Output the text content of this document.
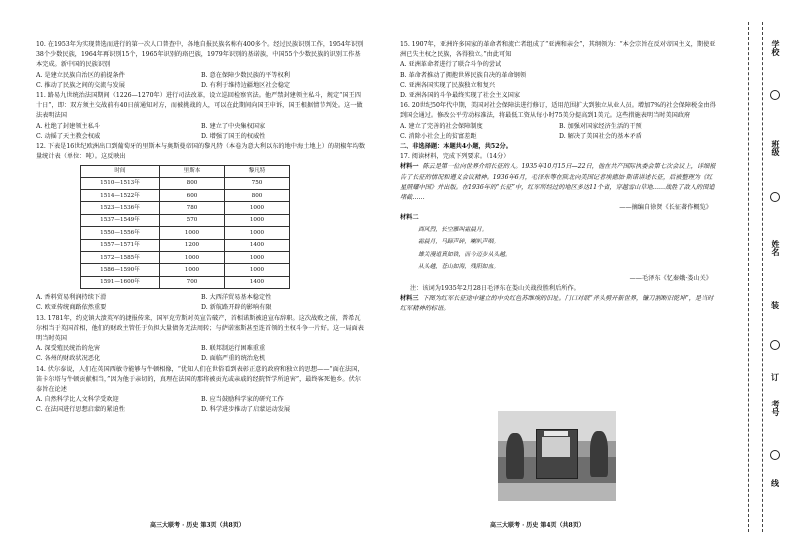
10. 在1953年为实现普选而进行的第一次人口普查中，各地自报民族名称有400多个。经过民族识别工作，1954年识别38个少数民族，1964年再识别15个，1965年识别的珞巴族，1979年识别的基诺族，中国55个少数民族的识别工作基本完成。新中国的民族识别

A. 是建立民族自治区的前提条件	B. 意在保障少数民族的平等权利
C. 推动了民族之间的交流与发展	D. 有利于维持边疆地区社会稳定

11. 路易九世统治法国期间（1226—1270年）进行司法改革，设立巡回检察官法。他严禁封建领主私斗，规定“国王四十日”，即：双方须主交战前有40日前通知对方，而被挑战的人，可以在此期间向国王申诉，国王根据情节判处。这一做法表明法国

A. 杜绝了封建领主私斗	B. 建立了中央集权国家
C. 动摇了天主教会权威	D. 增强了国王的权威性

12. 下表是16世纪欧洲出口到葡萄牙的里斯本与奥斯曼帝国的黎凡特（本卷为意大利以东的地中海土地上）的胡椒年均数量统计表（单位：吨）。这反映出

时间	里斯本	黎凡特
1510—1513年	800	750
1514—1522年	600	800
1523—1536年	780	1000
1537—1549年	570	1000
1550—1556年	1000	1000
1557—1571年	1200	1400
1572—1585年	1000	1000
1586—1590年	1000	1000
1591—1600年	700	1400
A. 香料贸易利润持续下滑	B. 大西洋贸易基本稳定性
C. 欧亚传统商路依然重要	D. 新航路开辟的影响有限

13. 1781年，约克镇大溃英军的捷报传来，国军克劳斯对英宣告破产，首相诺斯被迫宣布辞职。这次战败之前，普希瓦尔相当于英国首相，他们的财政主管任于负担大量债务无法周转；与萨诺塞斯甚至连首领的主权斗争一片好。这一局面表明当时英国

A. 深受殖民统治的危害	B. 联邦制运行困难重重
C. 各州的财政状况恶化	D. 面临严重的统治危机

14. 伏尔泰说，人们在英国西敏寺能够与牛顿相像，“优知人们在世俗看到表彰正意的政府和独立的思想——“面在法国，笛卡尔塔与牛顿贡献相当，”因为他于亲切的，真理在法国的那将被贡光或亲戚的经院哲学所迫害”，最终客死他乡。伏尔泰旨在论述

A. 自然科学比人文科学受欢迎	B. 应当鼓励科学家的研究工作
C. 在法国进行思想启蒙的紧迫性	D. 科学进步推动了启蒙运动发展
高三大联考 · 历史 第3页（共8页）

15. 1907年，亚洲许多国家的革命者和流亡者组成了“亚洲和亲会”，其纲领为：“本会宗旨在反对帝国主义，期使亚洲已失主权之民族，各得独立。”由此可知

A. 亚洲革命者进行了联合斗争的尝试
B. 革命者推动了拥抱世界民族自决的革命钢领
C. 亚洲各国实现了民族独立和复兴
D. 亚洲各国的斗争最终实现了社会主义国家

16. 20世纪50年代中期，美国对社会保障法进行修订，适用范围扩大到独立从业人员。增加7%的社会保障税金由得到国会通过。修改公平劳动标准法，将最低工资从每小时75美分提高到1美元。这些措施表明当时美国政府

A. 建立了完善的社会保障制度	B. 加强对国家经济生活的干预
C. 消除小社会上的贫富差距	D. 解决了美国社会的基本矛盾

二、非选择题：本题共4小题，共52分。

17. 阅读材料，完成下列要求。（14分）

材料一 陈云是第一位向世界介绍长征的人。1935年10月15日—22日，他在共产国际执委会第七次会议上，详细报告了长征的情况和遵义会议精神。1936年6月，毛泽东等在陕北向美国记者埃德加·斯诺讲述长征，后被整理为《红星照耀中国》并出版。在1936年的“长征”中，红军所经过的地区多达11个省，穿越雪山草地……战胜了敌人的围追堵截……

——摘编自徐贤《长征著作概览》

材料二

西风烈，长空雁叫霜晨月。

霜晨月，马蹄声碎，喇叭声咽。

雄关漫道真如铁，而今迈步从头越。

从头越，苍山如海，残阳如血。

——毛泽东《忆秦娥·娄山关》

注：该词为1935年2月28日毛泽东在娄山关战役胜利后所作。

材料三 下图为红军长征途中建立的中央红色苏维埃的旧址。门口对联“斧头劈开新世界，镰刀割断旧乾坤”，是当时红军精神的标语。

高三大联考 · 历史 第4页（共8页）
学校
班级
姓名
装
订
考号
线
